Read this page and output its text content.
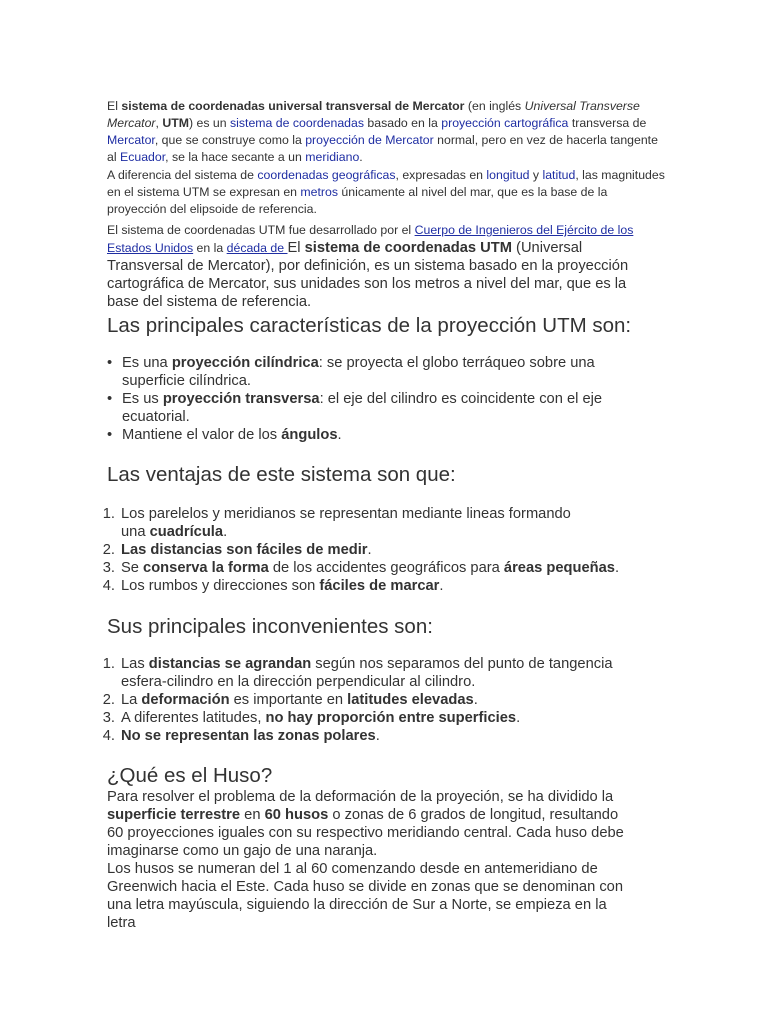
El sistema de coordenadas universal transversal de Mercator (en inglés Universal Transverse Mercator, UTM) es un sistema de coordenadas basado en la proyección cartográfica transversa de Mercator, que se construye como la proyección de Mercator normal, pero en vez de hacerla tangente al Ecuador, se la hace secante a un meridiano.

A diferencia del sistema de coordenadas geográficas, expresadas en longitud y latitud, las magnitudes en el sistema UTM se expresan en metros únicamente al nivel del mar, que es la base de la proyección del elipsoide de referencia.

El sistema de coordenadas UTM fue desarrollado por el Cuerpo de Ingenieros del Ejército de los Estados Unidos en la década de El sistema de coordenadas UTM (Universal Transversal de Mercator), por definición, es un sistema basado en la proyección cartográfica de Mercator, sus unidades son los metros a nivel del mar, que es la base del sistema de referencia.

Las principales características de la proyección UTM son:
• Es una proyección cilíndrica: se proyecta el globo terráqueo sobre una superficie cilíndrica.
• Es us proyección transversa: el eje del cilindro es coincidente con el eje ecuatorial.
• Mantiene el valor de los ángulos.
Las ventajas de este sistema son que:
1. Los parelelos y meridianos se representan mediante lineas formando una cuadrícula.
2. Las distancias son fáciles de medir.
3. Se conserva la forma de los accidentes geográficos para áreas pequeñas.
4. Los rumbos y direcciones son fáciles de marcar.
Sus principales inconvenientes son:
1. Las distancias se agrandan según nos separamos del punto de tangencia esfera-cilindro en la dirección perpendicular al cilindro.
2. La deformación es importante en latitudes elevadas.
3. A diferentes latitudes, no hay proporción entre superficies.
4. No se representan las zonas polares.
¿Qué es el Huso?

Para resolver el problema de la deformación de la proyeción, se ha dividido la superficie terrestre en 60 husos o zonas de 6 grados de longitud, resultando 60 proyecciones iguales con su respectivo meridiando central. Cada huso debe imaginarse como un gajo de una naranja.
Los husos se numeran del 1 al 60 comenzando desde en antemeridiano de Greenwich hacia el Este. Cada huso se divide en zonas que se denominan con una letra mayúscula, siguiendo la dirección de Sur a Norte, se empieza en la letra
